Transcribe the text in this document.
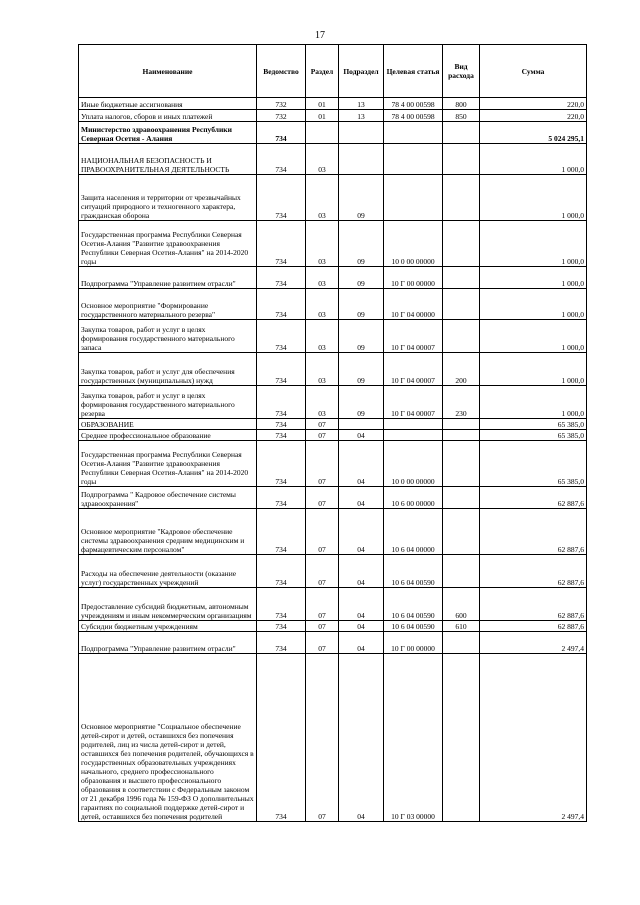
17
Наименование	Ведомство	Раздел	Подраздел	Целевая статья	Вид расхода	Сумма
Иные бюджетные ассигнования	732	01	13	78 4 00 00598	800	220,0
Уплата налогов, сборов и иных платежей	732	01	13	78 4 00 00598	850	220,0
Министерство здравоохранения Республики Северная Осетия - Алания	734					5 024 295,1
НАЦИОНАЛЬНАЯ БЕЗОПАСНОСТЬ И ПРАВООХРАНИТЕЛЬНАЯ ДЕЯТЕЛЬНОСТЬ	734	03				1 000,0
Защита населения и территории от чрезвычайных ситуаций природного и техногенного характера, гражданская оборона	734	03	09			1 000,0
Государственная программа Республики Северная Осетия-Алания "Развитие здравоохранения Республики Северная Осетия-Алания" на 2014-2020 годы	734	03	09	10 0 00 00000		1 000,0
Подпрограмма "Управление развитием отрасли"	734	03	09	10 Г 00 00000		1 000,0
Основное мероприятие "Формирование государственного материального резерва"	734	03	09	10 Г 04 00000		1 000,0
Закупка товаров, работ и услуг в целях формирования государственного материального запаса	734	03	09	10 Г 04 00007		1 000,0
Закупка товаров, работ и услуг для обеспечения государственных (муниципальных) нужд	734	03	09	10 Г 04 00007	200	1 000,0
Закупка товаров, работ и услуг в целях формирования государственного материального резерва	734	03	09	10 Г 04 00007	230	1 000,0
ОБРАЗОВАНИЕ	734	07				65 385,0
Среднее профессиональное образование	734	07	04			65 385,0
Государственная программа Республики Северная Осетия-Алания "Развитие здравоохранения Республики Северная Осетия-Алания" на 2014-2020 годы	734	07	04	10 0 00 00000		65 385,0
Подпрограмма " Кадровое обеспечение системы здравоохранения"	734	07	04	10 6 00 00000		62 887,6
Основное мероприятие "Кадровое обеспечение системы здравоохранения средним медицинским и фармацевтическим персоналом"	734	07	04	10 6 04 00000		62 887,6
Расходы на обеспечение деятельности (оказание услуг) государственных учреждений	734	07	04	10 6 04 00590		62 887,6
Предоставление субсидий бюджетным, автономным учреждениям и иным некоммерческим организациям	734	07	04	10 6 04 00590	600	62 887,6
Субсидии бюджетным учреждениям	734	07	04	10 6 04 00590	610	62 887,6
Подпрограмма "Управление развитием отрасли"	734	07	04	10 Г 00 00000		2 497,4
Основное мероприятие "Социальное обеспечение детей-сирот и детей, оставшихся без попечения родителей, лиц из числа детей-сирот и детей, оставшихся без попечения родителей, обучающихся в государственных образовательных учреждениях начального, среднего профессионального образования и высшего профессионального образования в соответствии с Федеральным законом от 21 декабря 1996 года № 159-ФЗ О дополнительных гарантиях по социальной поддержке детей-сирот и детей, оставшихся без попечения родителей	734	07	04	10 Г 03 00000		2 497,4
